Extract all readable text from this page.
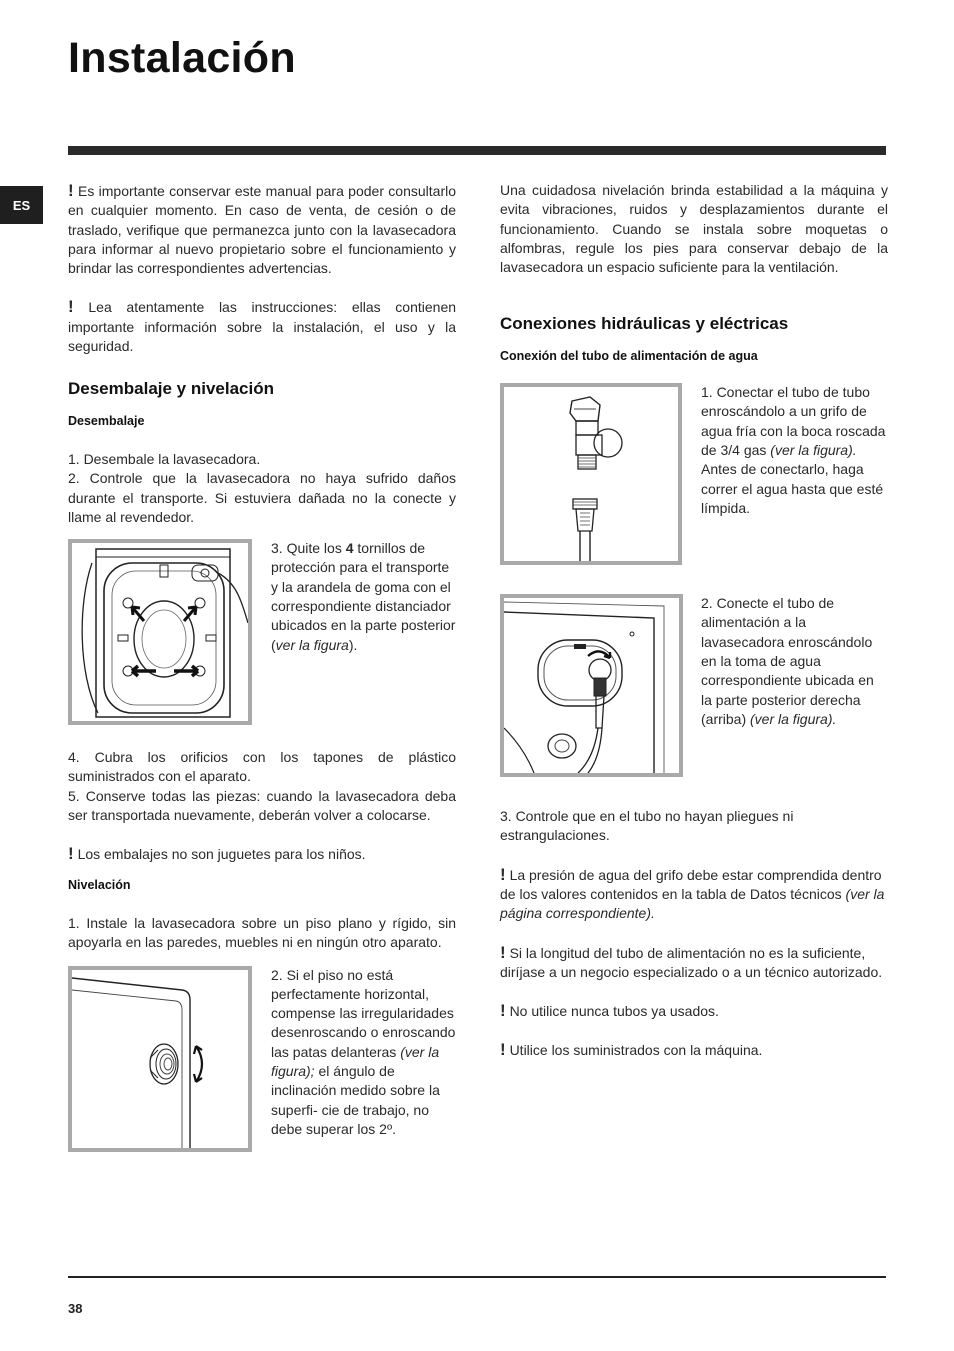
Instalación
ES

! Es importante conservar este manual para poder consultarlo en cualquier momento. En caso de venta, de cesión o de traslado, verifique que permanezca junto con la lavasecadora para informar al nuevo propietario sobre el funcionamiento y brindar las correspondientes advertencias.

! Lea atentamente las instrucciones: ellas contienen importante información sobre la instalación, el uso y la seguridad.

Desembalaje y nivelación
Desembalaje

1. Desembale la lavasecadora.

2. Controle que la lavasecadora no haya sufrido daños durante el transporte. Si estuviera dañada no la conecte y llame al revendedor.

3. Quite los 4 tornillos de protección para el transporte y la arandela de goma con el correspondiente distanciador ubicados en la parte posterior (ver la figura).

4. Cubra los orificios con los tapones de plástico suministrados con el aparato.

5. Conserve todas las piezas: cuando la lavasecadora deba ser transportada nuevamente, deberán volver a colocarse.

! Los embalajes no son juguetes para los niños.

Nivelación

1. Instale la lavasecadora sobre un piso plano y rígido, sin apoyarla en las paredes, muebles ni en ningún otro aparato.

2. Si el piso no está perfectamente horizontal, compense las irregularidades desenroscando o enroscando las patas delanteras (ver la figura); el ángulo de inclinación medido sobre la superfi- cie de trabajo, no debe superar los 2º.

Una cuidadosa nivelación brinda estabilidad a la máquina y evita vibraciones, ruidos y desplazamientos durante el funcionamiento. Cuando se instala sobre moquetas o alfombras, regule los pies para conservar debajo de la lavasecadora un espacio suficiente para la ventilación.

Conexiones hidráulicas y eléctricas
Conexión del tubo de alimentación de agua

1. Conectar el tubo de tubo enroscándolo a un grifo de agua fría con la boca roscada de 3/4 gas (ver la figura).

Antes de conectarlo, haga correr el agua hasta que esté límpida.

2. Conecte el tubo de alimentación a la lavasecadora enroscándolo en la toma de agua correspondiente ubicada en la parte posterior derecha (arriba) (ver la figura).

3. Controle que en el tubo no hayan pliegues ni estrangulaciones.

! La presión de agua del grifo debe estar comprendida dentro de los valores contenidos en la tabla de Datos técnicos (ver la página correspondiente).

! Si la longitud del tubo de alimentación no es la suficiente, diríjase a un negocio especializado o a un técnico autorizado.

! No utilice nunca tubos ya usados.

! Utilice los suministrados con la máquina.

38
